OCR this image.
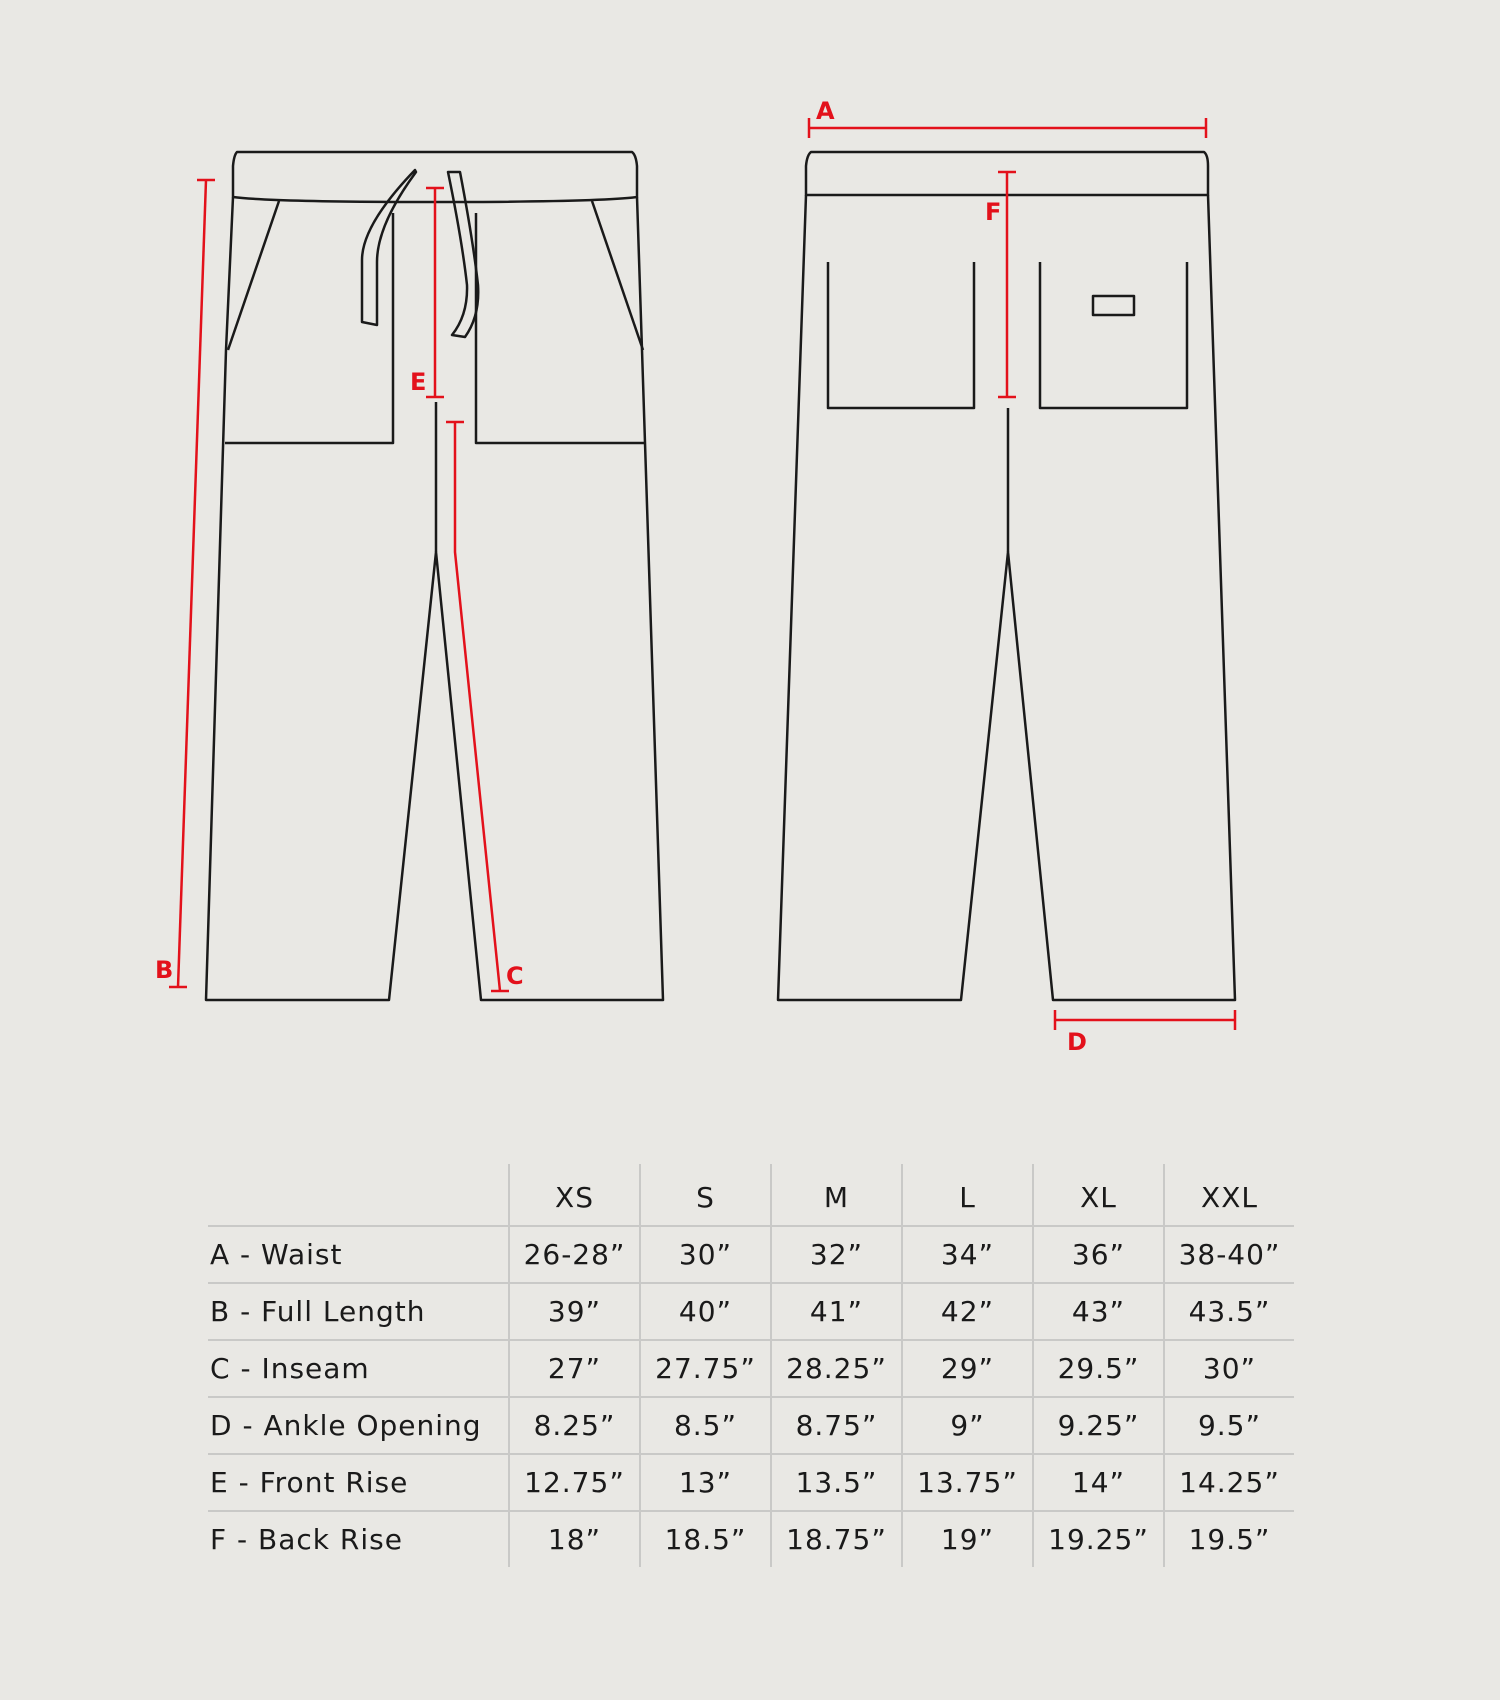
A
B	C
D
E
F
	XS	S	M	L	XL	XXL
A - Waist	26-28”	30”	32”	34”	36”	38-40”
B - Full Length	39”	40”	41”	42”	43”	43.5”
C - Inseam	27”	27.75”	28.25”	29”	29.5”	30”
D - Ankle Opening	8.25”	8.5”	8.75”	9”	9.25”	9.5”
E - Front Rise	12.75”	13”	13.5”	13.75”	14”	14.25”
F - Back Rise	18”	18.5”	18.75”	19”	19.25”	19.5”
